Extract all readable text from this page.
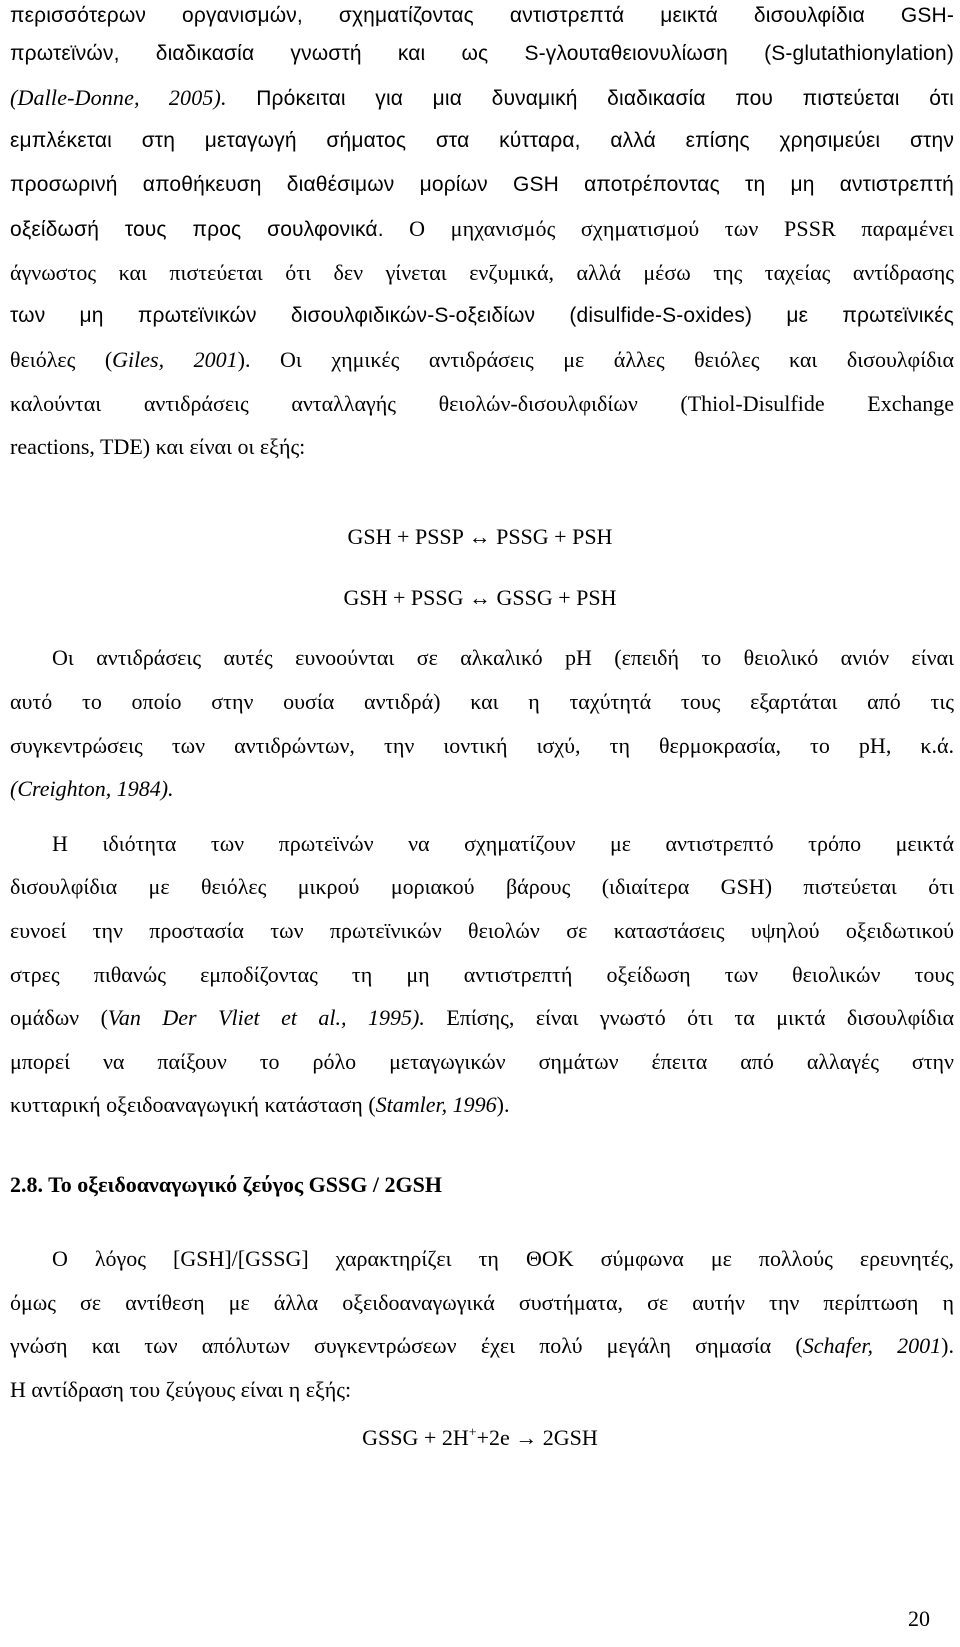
περισσότερων οργανισμών, σχηματίζοντας αντιστρεπτά μεικτά δισουλφίδια GSH-
πρωτεϊνών, διαδικασία γνωστή και ως S-γλουταθειονυλίωση (S-glutathionylation)
(Dalle-Donne, 2005). Πρόκειται για μια δυναμική διαδικασία που πιστεύεται ότι
εμπλέκεται στη μεταγωγή σήματος στα κύτταρα, αλλά επίσης χρησιμεύει στην
προσωρινή αποθήκευση διαθέσιμων μορίων GSH αποτρέποντας τη μη αντιστρεπτή
οξείδωσή τους προς σουλφονικά. Ο μηχανισμός σχηματισμού των PSSR παραμένει
άγνωστος και πιστεύεται ότι δεν γίνεται ενζυμικά, αλλά μέσω της ταχείας αντίδρασης
των μη πρωτεϊνικών δισουλφιδικών-S-οξειδίων (disulfide-S-oxides) με πρωτεϊνικές
θειόλες (Giles, 2001). Οι χημικές αντιδράσεις με άλλες θειόλες και δισουλφίδια
καλούνται αντιδράσεις ανταλλαγής θειολών-δισουλφιδίων (Thiol-Disulfide Exchange
reactions, TDE) και είναι οι εξής:
GSH + PSSP ↔ PSSG + PSH
GSH + PSSG ↔ GSSG + PSH
Οι αντιδράσεις αυτές ευνοούνται σε αλκαλικό pH (επειδή το θειολικό ανιόν είναι
αυτό το οποίο στην ουσία αντιδρά) και η ταχύτητά τους εξαρτάται από τις
συγκεντρώσεις των αντιδρώντων, την ιοντική ισχύ, τη θερμοκρασία, το pH, κ.ά.
(Creighton, 1984).
Η ιδιότητα των πρωτεϊνών να σχηματίζουν με αντιστρεπτό τρόπο μεικτά
δισουλφίδια με θειόλες μικρού μοριακού βάρους (ιδιαίτερα GSH) πιστεύεται ότι
ευνοεί την προστασία των πρωτεϊνικών θειολών σε καταστάσεις υψηλού οξειδωτικού
στρες πιθανώς εμποδίζοντας τη μη αντιστρεπτή οξείδωση των θειολικών τους
ομάδων (Van Der Vliet et al., 1995). Επίσης, είναι γνωστό ότι τα μικτά δισουλφίδια
μπορεί να παίξουν το ρόλο μεταγωγικών σημάτων έπειτα από αλλαγές στην
κυτταρική οξειδοαναγωγική κατάσταση (Stamler, 1996).
2.8. Το οξειδοαναγωγικό ζεύγος GSSG / 2GSH
Ο λόγος [GSH]/[GSSG] χαρακτηρίζει τη ΘΟΚ σύμφωνα με πολλούς ερευνητές,
όμως σε αντίθεση με άλλα οξειδοαναγωγικά συστήματα, σε αυτήν την περίπτωση η
γνώση και των απόλυτων συγκεντρώσεων έχει πολύ μεγάλη σημασία (Schafer, 2001).
Η αντίδραση του ζεύγους είναι η εξής:
GSSG + 2H++2e → 2GSH
20
